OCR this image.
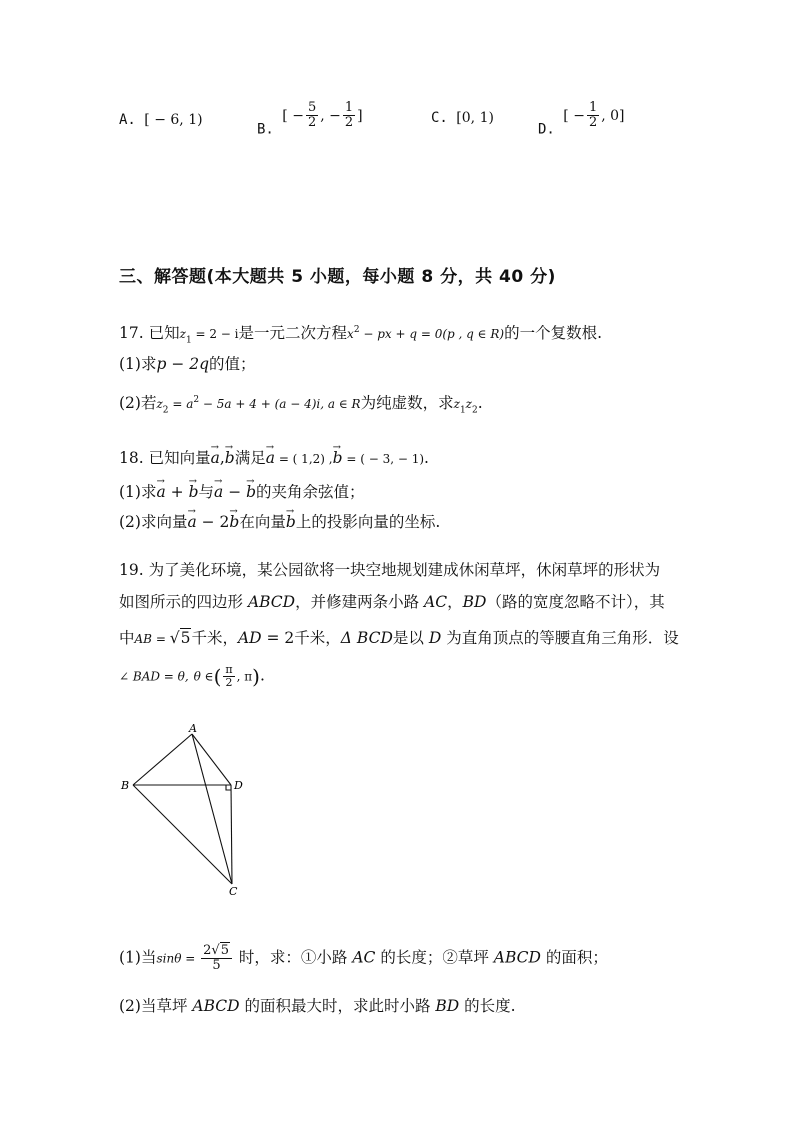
A. [ − 6, 1)
B. [ − $\frac{5}{2}$ , − $\frac{1}{2}$ ]	C. [0, 1)
D. [ − $\frac{1}{2}$ , 0]
三、解答题(本大题共 5 小题，每小题 8 分，共 40 分)
17. 已知$z_1 = 2 - i$是一元二次方程$x^2$ − px + q = 0(p , q ∈ R)的一个复数根.
(1)求p − 2q的值；
(2)若$z_2 = a^2 - 5a + 4 + (a - 4)i$, a ∈ R为纯虚数，求$z_1z_2$.
18. 已知向量→ a,→ b满足→ a = ( 1,2) ,→ b = ( − 3, − 1).
(1)求→ a + → b与→ a − → b的夹角余弦值；
(2)求向量→ a − 2→ b在向量→ b上的投影向量的坐标.
19. 为了美化环境，某公园欲将一块空地规划建成休闲草坪，休闲草坪的形状为
如图所示的四边形 ABCD，并修建两条小路 AC，BD（路的宽度忽略不计），其
中AB = √5千米，AD = 2千米，Δ BCD是以 D 为直角顶点的等腰直角三角形．设
∠ BAD = θ, θ ∈( $\frac{\pi}{2}$ , π).
A
B	D
C
(1)当$\sin\theta = \frac{2√5}{5}$ 时，求：①小路 AC 的长度；②草坪 ABCD 的面积；
(2)当草坪 ABCD 的面积最大时，求此时小路 BD 的长度.
